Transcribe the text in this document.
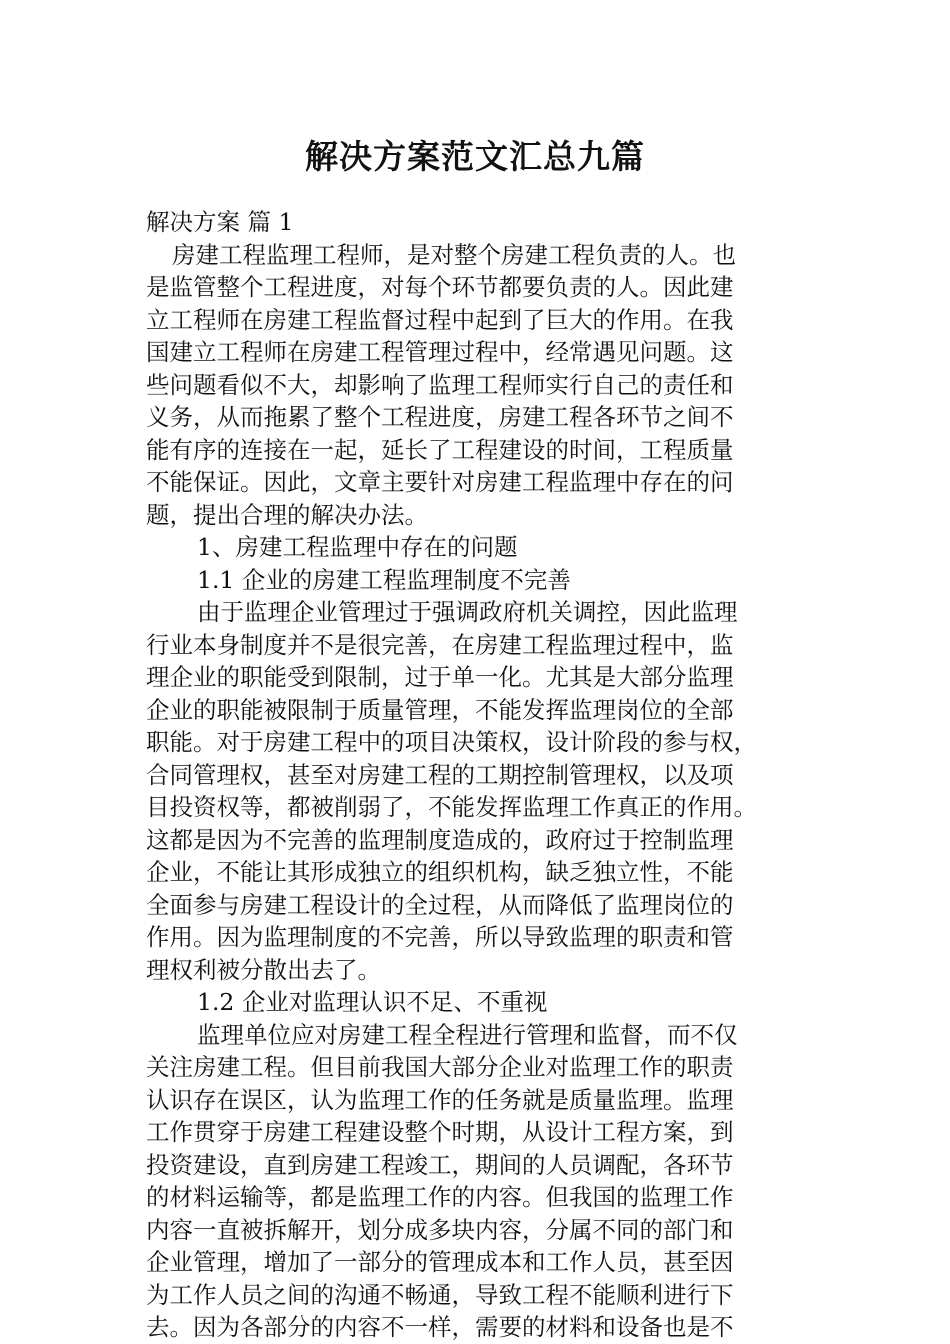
解决方案范文汇总九篇
解决方案 篇 1
房建工程监理工程师，是对整个房建工程负责的人。也
是监管整个工程进度，对每个环节都要负责的人。因此建
立工程师在房建工程监督过程中起到了巨大的作用。在我
国建立工程师在房建工程管理过程中，经常遇见问题。这
些问题看似不大，却影响了监理工程师实行自己的责任和
义务，从而拖累了整个工程进度，房建工程各环节之间不
能有序的连接在一起，延长了工程建设的时间，工程质量
不能保证。因此，文章主要针对房建工程监理中存在的问
题，提出合理的解决办法。
1、房建工程监理中存在的问题
1.1 企业的房建工程监理制度不完善
由于监理企业管理过于强调政府机关调控，因此监理
行业本身制度并不是很完善，在房建工程监理过程中，监
理企业的职能受到限制，过于单一化。尤其是大部分监理
企业的职能被限制于质量管理，不能发挥监理岗位的全部
职能。对于房建工程中的项目决策权，设计阶段的参与权，
合同管理权，甚至对房建工程的工期控制管理权，以及项
目投资权等，都被削弱了，不能发挥监理工作真正的作用。
这都是因为不完善的监理制度造成的，政府过于控制监理
企业，不能让其形成独立的组织机构，缺乏独立性，不能
全面参与房建工程设计的全过程，从而降低了监理岗位的
作用。因为监理制度的不完善，所以导致监理的职责和管
理权利被分散出去了。
1.2 企业对监理认识不足、不重视
监理单位应对房建工程全程进行管理和监督，而不仅
关注房建工程。但目前我国大部分企业对监理工作的职责
认识存在误区，认为监理工作的任务就是质量监理。监理
工作贯穿于房建工程建设整个时期，从设计工程方案，到
投资建设，直到房建工程竣工，期间的人员调配，各环节
的材料运输等，都是监理工作的内容。但我国的监理工作
内容一直被拆解开，划分成多块内容，分属不同的部门和
企业管理，增加了一部分的管理成本和工作人员，甚至因
为工作人员之间的沟通不畅通，导致工程不能顺利进行下
去。因为各部分的内容不一样，需要的材料和设备也是不
